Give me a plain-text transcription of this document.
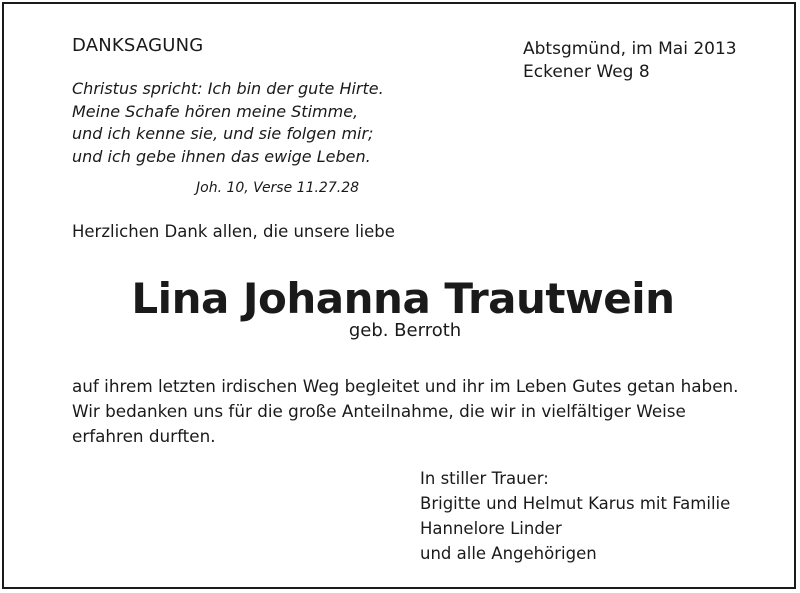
DANKSAGUNG	Abtsgmünd, im Mai 2013
Eckener Weg 8
Christus spricht: Ich bin der gute Hirte.
Meine Schafe hören meine Stimme,
und ich kenne sie, und sie folgen mir;
und ich gebe ihnen das ewige Leben.
Joh. 10, Verse 11.27.28
Herzlichen Dank allen, die unsere liebe
Lina Johanna Trautwein
geb. Berroth
auf ihrem letzten irdischen Weg begleitet und ihr im Leben Gutes getan haben.
Wir bedanken uns für die große Anteilnahme, die wir in vielfältiger Weise
erfahren durften.
In stiller Trauer:
Brigitte und Helmut Karus mit Familie
Hannelore Linder
und alle Angehörigen
